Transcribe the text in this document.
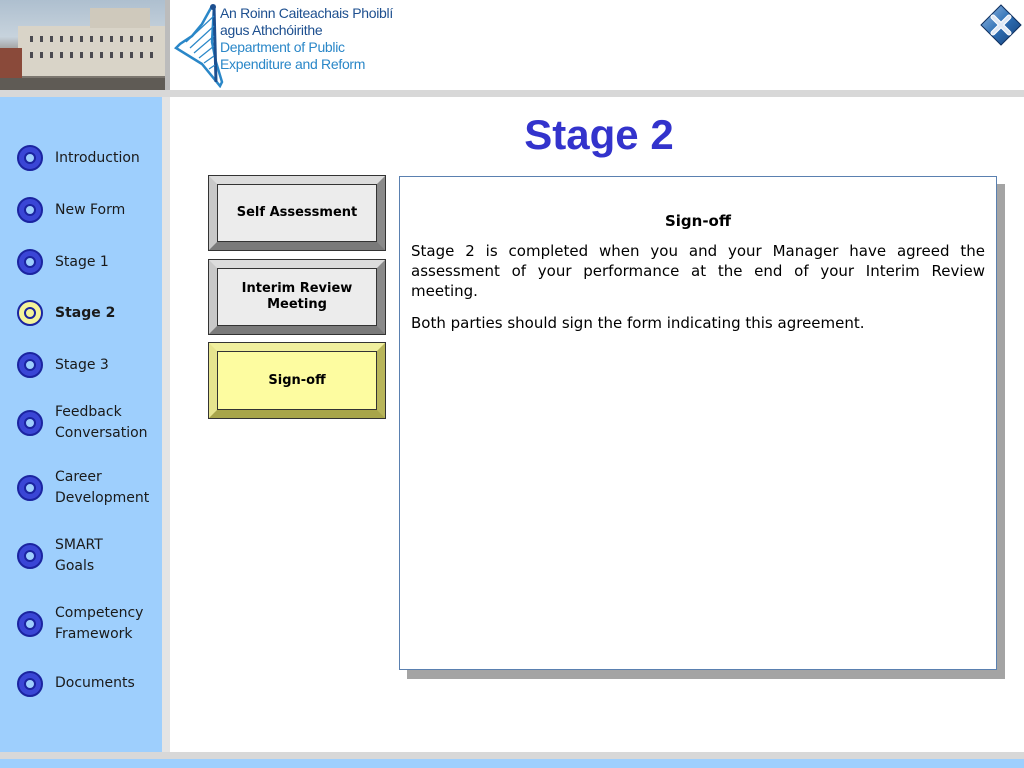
An Roinn Caiteachais Phoiblí
agus Athchóirithe
Department of Public
Expenditure and Reform
Introduction
New Form
Stage 1
Stage 2
Stage 3
Feedback
Conversation
Career
Development
SMART
Goals
Competency
Framework
Documents
Stage 2
Self Assessment
Interim Review
Meeting
Sign-off
Sign-off

Stage 2 is completed when you and your Manager have agreed the assessment of your performance at the end of your Interim Review meeting.

Both parties should sign the form indicating this agreement.
